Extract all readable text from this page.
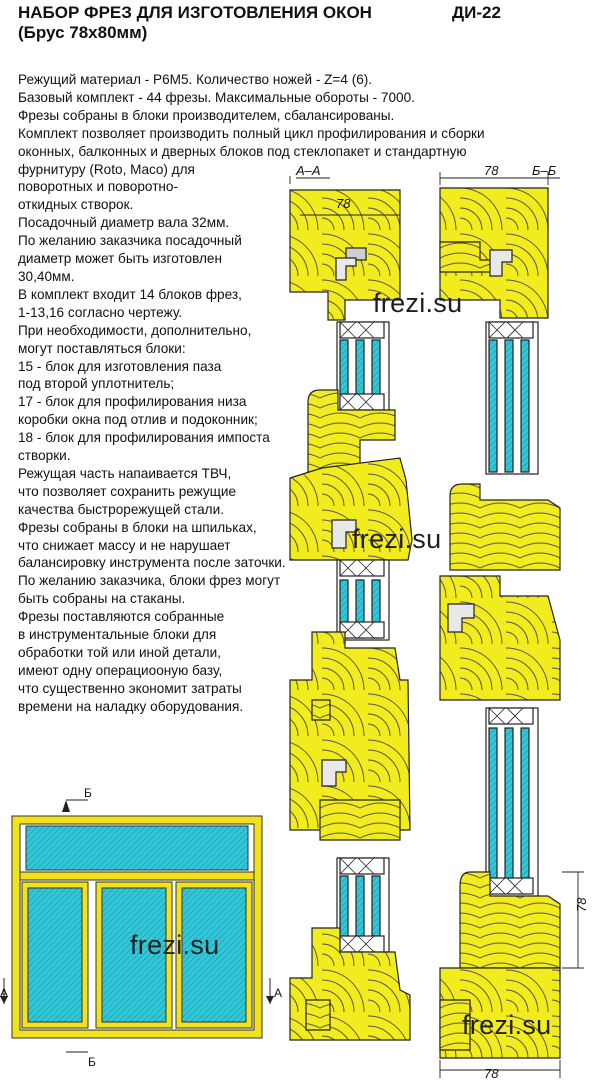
НАБОР ФРЕЗ ДЛЯ ИЗГОТОВЛЕНИЯ ОКОН	ДИ-22
(Брус 78х80мм)
Режущий материал - Р6М5. Количество ножей - Z=4 (6).
Базовый комплект - 44 фрезы. Максимальные обороты - 7000.
Фрезы собраны в блоки производителем, сбалансированы.
Комплект позволяет производить полный цикл профилирования и сборки
оконных, балконных и дверных блоков под стеклопакет и стандартную
фурнитуру (Roto, Maco) для
поворотных и поворотно-
откидных створок.
Посадочный диаметр вала 32мм.
По желанию заказчика посадочный
диаметр может быть изготовлен
30,40мм.
В комплект входит 14 блоков фрез,
1-13,16 согласно чертежу.
При необходимости, дополнительно,
могут поставляться блоки:
15 - блок для изготовления паза
под второй уплотнитель;
17 - блок для профилирования низа
коробки окна под отлив и подоконник;
18 - блок для профилирования импоста
створки.
Режущая часть напаивается ТВЧ,
что позволяет сохранить режущие
качества быстрорежущей стали.
Фрезы собраны в блоки на шпильках,
что снижает массу и не нарушает
балансировку инструмента после заточки.
По желанию заказчика, блоки фрез могут
быть собраны на стаканы.
Фрезы поставляются собранные
в инструментальные блоки для
обработки той или иной детали,
имеют одну операциооную базу,
что существенно экономит затраты
времени на наладку оборудования.
А–А	Б–Б
78
78
78
78
Б
Б
А	А
frezi.su
frezi.su
frezi.su
frezi.su
